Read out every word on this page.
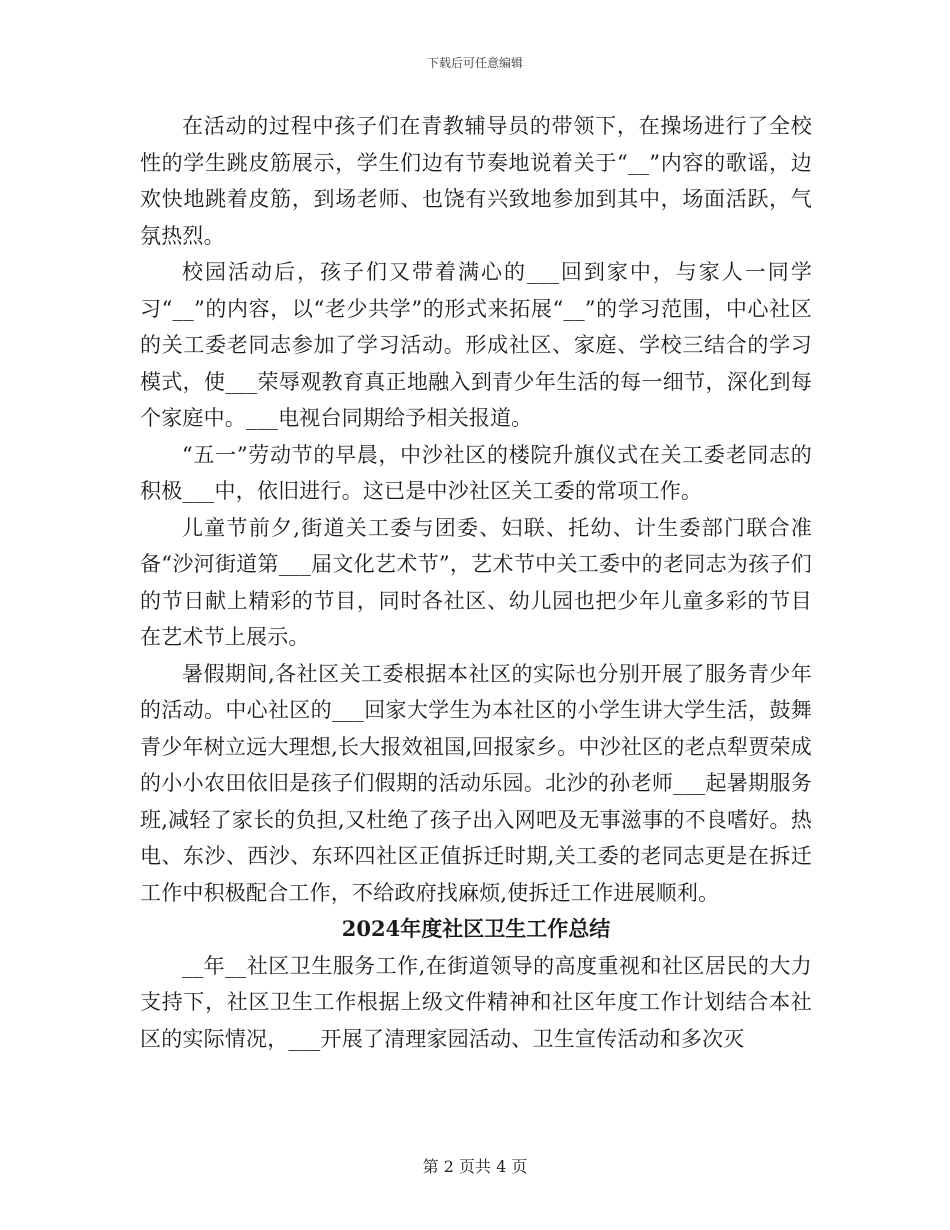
下载后可任意编辑

在活动的过程中孩子们在青教辅导员的带领下，在操场进行了全校性的学生跳皮筋展示，学生们边有节奏地说着关于“__”内容的歌谣，边欢快地跳着皮筋，到场老师、也饶有兴致地参加到其中，场面活跃，气氛热烈。

校园活动后，孩子们又带着满心的___回到家中，与家人一同学习“__”的内容，以“老少共学”的形式来拓展“__”的学习范围，中心社区的关工委老同志参加了学习活动。形成社区、家庭、学校三结合的学习模式，使___荣辱观教育真正地融入到青少年生活的每一细节，深化到每个家庭中。___电视台同期给予相关报道。

“五一”劳动节的早晨，中沙社区的楼院升旗仪式在关工委老同志的积极___中，依旧进行。这已是中沙社区关工委的常项工作。

儿童节前夕,街道关工委与团委、妇联、托幼、计生委部门联合准备“沙河街道第___届文化艺术节”，艺术节中关工委中的老同志为孩子们的节日献上精彩的节目，同时各社区、幼儿园也把少年儿童多彩的节目在艺术节上展示。

暑假期间,各社区关工委根据本社区的实际也分别开展了服务青少年的活动。中心社区的___回家大学生为本社区的小学生讲大学生活，鼓舞青少年树立远大理想,长大报效祖国,回报家乡。中沙社区的老点犁贾荣成的小小农田依旧是孩子们假期的活动乐园。北沙的孙老师___起暑期服务班,减轻了家长的负担,又杜绝了孩子出入网吧及无事滋事的不良嗜好。热电、东沙、西沙、东环四社区正值拆迁时期,关工委的老同志更是在拆迁工作中积极配合工作，不给政府找麻烦,使拆迁工作进展顺利。

2024年度社区卫生工作总结

__年__社区卫生服务工作,在街道领导的高度重视和社区居民的大力支持下，社区卫生工作根据上级文件精神和社区年度工作计划结合本社区的实际情况，___开展了清理家园活动、卫生宣传活动和多次灭

第 2 页共 4 页
